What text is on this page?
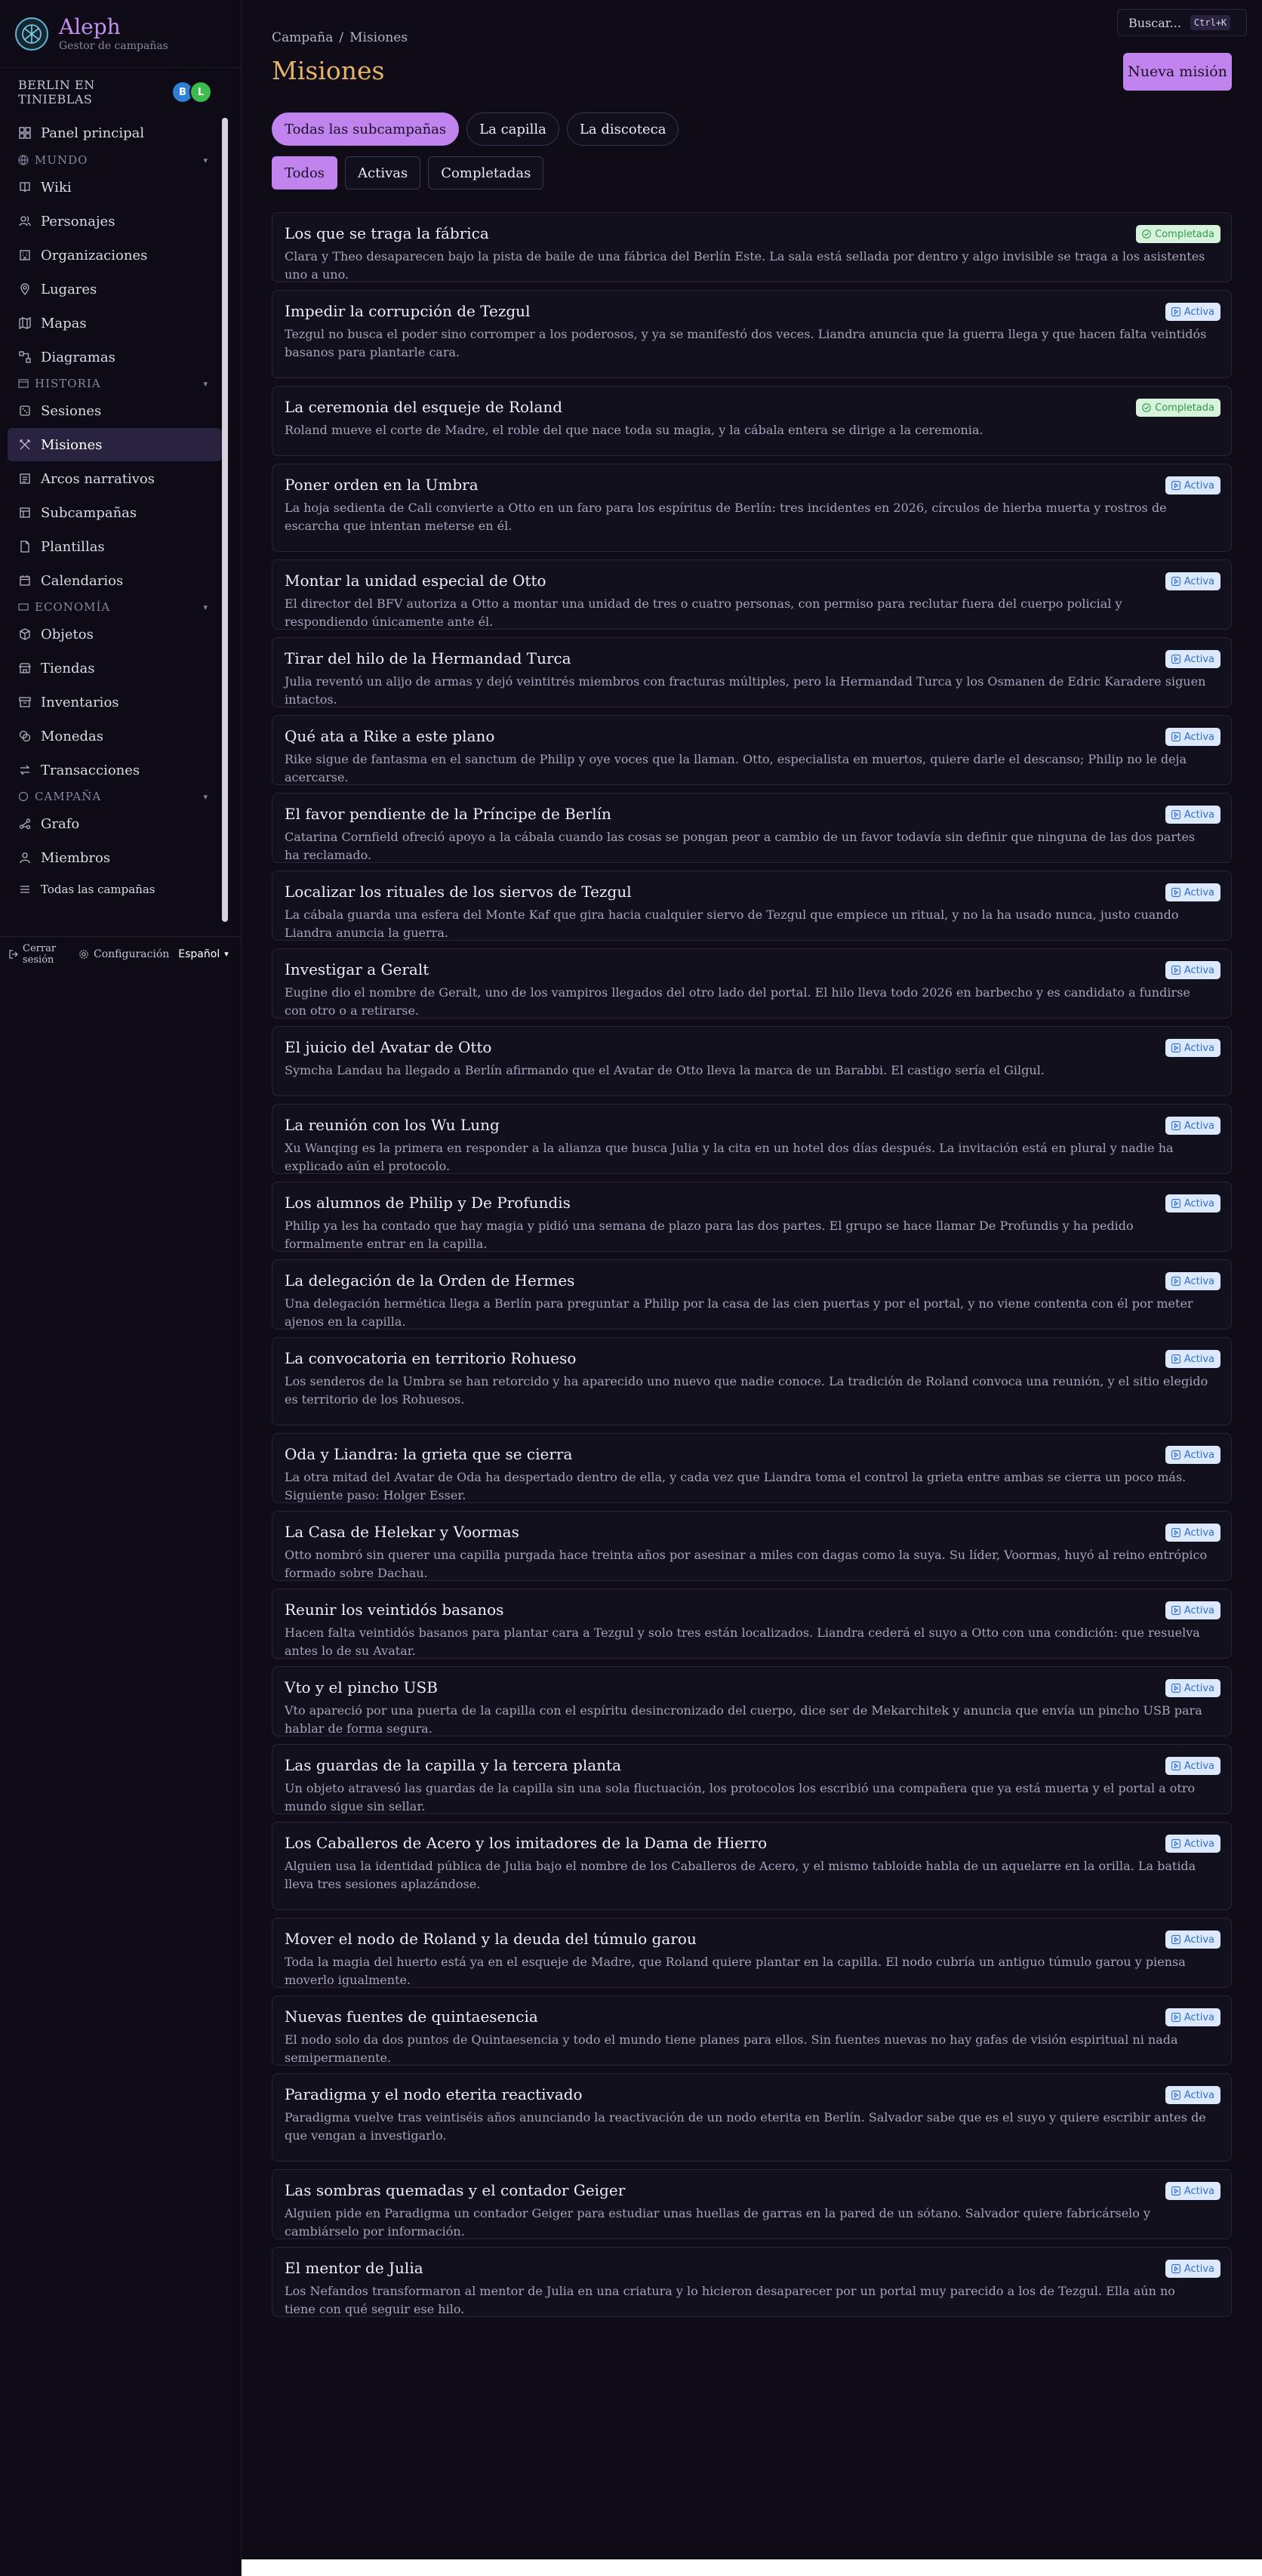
Aleph
Gestor de campañas
BERLIN EN TINIEBLAS	B	L
Panel principal
MUNDO	▾
Wiki
Personajes
Organizaciones
Lugares
Mapas
Diagramas
HISTORIA	▾
Sesiones
Misiones
Arcos narrativos
Subcampañas
Plantillas
Calendarios
ECONOMÍA	▾
Objetos
Tiendas
Inventarios
Monedas
Transacciones
CAMPAÑA	▾
Grafo
Miembros
Todas las campañas
Cerrar sesión	Configuración Español ▾
Campaña / Misiones
Misiones
Buscar...	Ctrl+K
Nueva misión
Todas las subcampañas	La capilla	La discoteca
Todos	Activas	Completadas
Los que se traga la fábrica
Clara y Theo desaparecen bajo la pista de baile de una fábrica del Berlín Este. La sala está sellada por dentro y algo invisible se traga a los asistentes uno a uno.
Completada
Impedir la corrupción de Tezgul
Tezgul no busca el poder sino corromper a los poderosos, y ya se manifestó dos veces. Liandra anuncia que la guerra llega y que hacen falta veintidós basanos para plantarle cara.
Activa
La ceremonia del esqueje de Roland
Roland mueve el corte de Madre, el roble del que nace toda su magia, y la cábala entera se dirige a la ceremonia.
Completada
Poner orden en la Umbra
La hoja sedienta de Cali convierte a Otto en un faro para los espíritus de Berlín: tres incidentes en 2026, círculos de hierba muerta y rostros de escarcha que intentan meterse en él.
Activa
Montar la unidad especial de Otto
El director del BFV autoriza a Otto a montar una unidad de tres o cuatro personas, con permiso para reclutar fuera del cuerpo policial y respondiendo únicamente ante él.
Activa
Tirar del hilo de la Hermandad Turca
Julia reventó un alijo de armas y dejó veintitrés miembros con fracturas múltiples, pero la Hermandad Turca y los Osmanen de Edric Karadere siguen intactos.
Activa
Qué ata a Rike a este plano
Rike sigue de fantasma en el sanctum de Philip y oye voces que la llaman. Otto, especialista en muertos, quiere darle el descanso; Philip no le deja acercarse.
Activa
El favor pendiente de la Príncipe de Berlín
Catarina Cornfield ofreció apoyo a la cábala cuando las cosas se pongan peor a cambio de un favor todavía sin definir que ninguna de las dos partes ha reclamado.
Activa
Localizar los rituales de los siervos de Tezgul
La cábala guarda una esfera del Monte Kaf que gira hacia cualquier siervo de Tezgul que empiece un ritual, y no la ha usado nunca, justo cuando Liandra anuncia la guerra.
Activa
Investigar a Geralt
Eugine dio el nombre de Geralt, uno de los vampiros llegados del otro lado del portal. El hilo lleva todo 2026 en barbecho y es candidato a fundirse con otro o a retirarse.
Activa
El juicio del Avatar de Otto
Symcha Landau ha llegado a Berlín afirmando que el Avatar de Otto lleva la marca de un Barabbi. El castigo sería el Gilgul.
Activa
La reunión con los Wu Lung
Xu Wanqing es la primera en responder a la alianza que busca Julia y la cita en un hotel dos días después. La invitación está en plural y nadie ha explicado aún el protocolo.
Activa
Los alumnos de Philip y De Profundis
Philip ya les ha contado que hay magia y pidió una semana de plazo para las dos partes. El grupo se hace llamar De Profundis y ha pedido formalmente entrar en la capilla.
Activa
La delegación de la Orden de Hermes
Una delegación hermética llega a Berlín para preguntar a Philip por la casa de las cien puertas y por el portal, y no viene contenta con él por meter ajenos en la capilla.
Activa
La convocatoria en territorio Rohueso
Los senderos de la Umbra se han retorcido y ha aparecido uno nuevo que nadie conoce. La tradición de Roland convoca una reunión, y el sitio elegido es territorio de los Rohuesos.
Activa
Oda y Liandra: la grieta que se cierra
La otra mitad del Avatar de Oda ha despertado dentro de ella, y cada vez que Liandra toma el control la grieta entre ambas se cierra un poco más. Siguiente paso: Holger Esser.
Activa
La Casa de Helekar y Voormas
Otto nombró sin querer una capilla purgada hace treinta años por asesinar a miles con dagas como la suya. Su líder, Voormas, huyó al reino entrópico formado sobre Dachau.
Activa
Reunir los veintidós basanos
Hacen falta veintidós basanos para plantar cara a Tezgul y solo tres están localizados. Liandra cederá el suyo a Otto con una condición: que resuelva antes lo de su Avatar.
Activa
Vto y el pincho USB
Vto apareció por una puerta de la capilla con el espíritu desincronizado del cuerpo, dice ser de Mekarchitek y anuncia que envía un pincho USB para hablar de forma segura.
Activa
Las guardas de la capilla y la tercera planta
Un objeto atravesó las guardas de la capilla sin una sola fluctuación, los protocolos los escribió una compañera que ya está muerta y el portal a otro mundo sigue sin sellar.
Activa
Los Caballeros de Acero y los imitadores de la Dama de Hierro
Alguien usa la identidad pública de Julia bajo el nombre de los Caballeros de Acero, y el mismo tabloide habla de un aquelarre en la orilla. La batida lleva tres sesiones aplazándose.
Activa
Mover el nodo de Roland y la deuda del túmulo garou
Toda la magia del huerto está ya en el esqueje de Madre, que Roland quiere plantar en la capilla. El nodo cubría un antiguo túmulo garou y piensa moverlo igualmente.
Activa
Nuevas fuentes de quintaesencia
El nodo solo da dos puntos de Quintaesencia y todo el mundo tiene planes para ellos. Sin fuentes nuevas no hay gafas de visión espiritual ni nada semipermanente.
Activa
Paradigma y el nodo eterita reactivado
Paradigma vuelve tras veintiséis años anunciando la reactivación de un nodo eterita en Berlín. Salvador sabe que es el suyo y quiere escribir antes de que vengan a investigarlo.
Activa
Las sombras quemadas y el contador Geiger
Alguien pide en Paradigma un contador Geiger para estudiar unas huellas de garras en la pared de un sótano. Salvador quiere fabricárselo y cambiárselo por información.
Activa
El mentor de Julia
Los Nefandos transformaron al mentor de Julia en una criatura y lo hicieron desaparecer por un portal muy parecido a los de Tezgul. Ella aún no tiene con qué seguir ese hilo.
Activa
